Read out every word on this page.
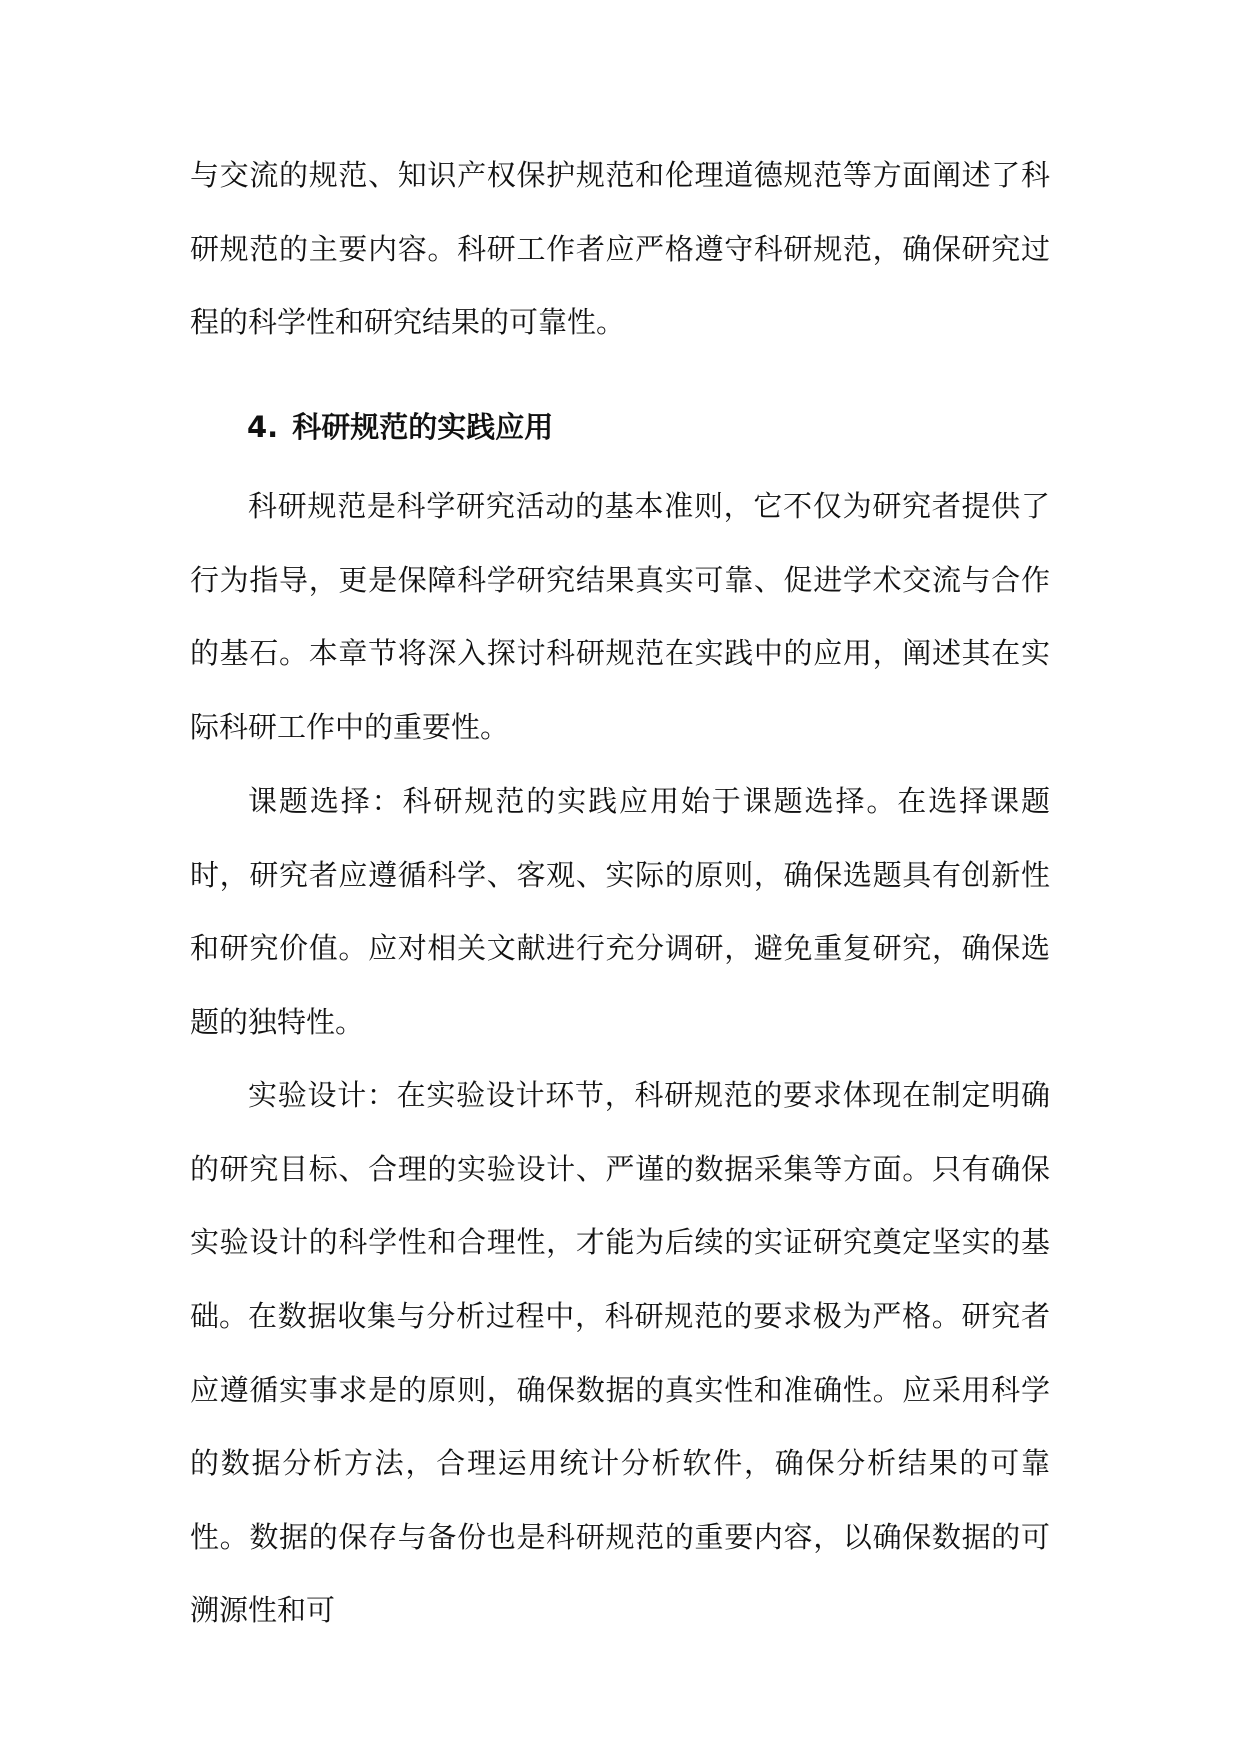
与交流的规范、知识产权保护规范和伦理道德规范等方面阐述了科研规范的主要内容。科研工作者应严格遵守科研规范，确保研究过程的科学性和研究结果的可靠性。

4. 科研规范的实践应用

科研规范是科学研究活动的基本准则，它不仅为研究者提供了行为指导，更是保障科学研究结果真实可靠、促进学术交流与合作的基石。本章节将深入探讨科研规范在实践中的应用，阐述其在实际科研工作中的重要性。

课题选择：科研规范的实践应用始于课题选择。在选择课题时，研究者应遵循科学、客观、实际的原则，确保选题具有创新性和研究价值。应对相关文献进行充分调研，避免重复研究，确保选题的独特性。

实验设计：在实验设计环节，科研规范的要求体现在制定明确的研究目标、合理的实验设计、严谨的数据采集等方面。只有确保实验设计的科学性和合理性，才能为后续的实证研究奠定坚实的基础。 在数据收集与分析过程中，科研规范的要求极为严格。研究者应遵循实事求是的原则，确保数据的真实性和准确性。应采用科学的数据分析方法，合理运用统计分析软件，确保分析结果的可靠性。数据的保存与备份也是科研规范的重要内容，以确保数据的可溯源性和可
